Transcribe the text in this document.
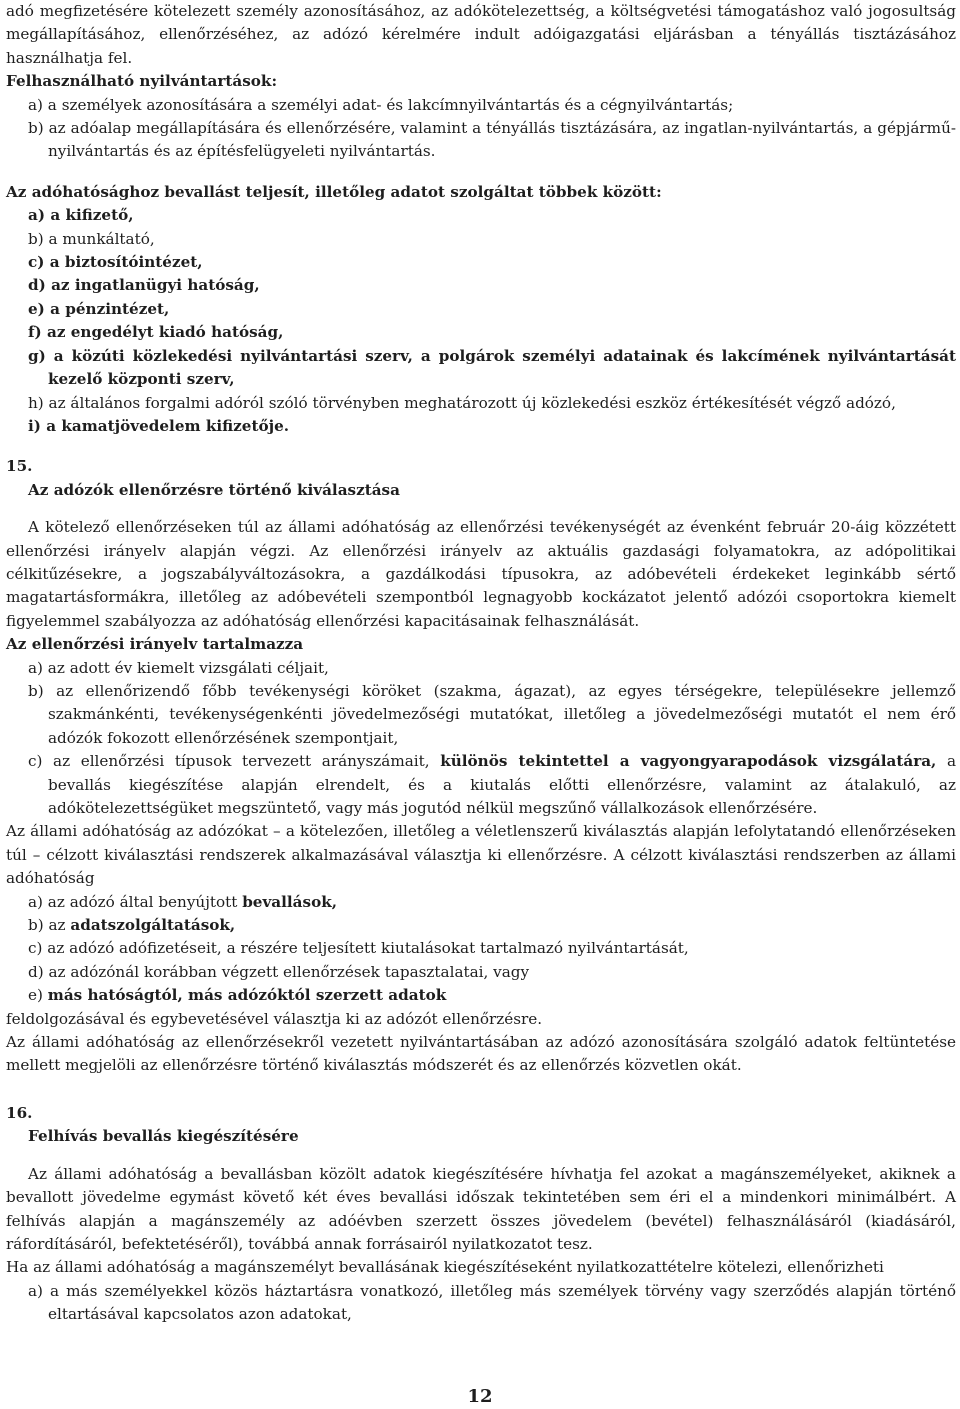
adó megfizetésére kötelezett személy azonosításához, az adókötelezettség, a költségvetési támogatáshoz való jogosultság megállapításához, ellenőrzéséhez, az adózó kérelmére indult adóigazgatási eljárásban a tényállás tisztázásához használhatja fel.

Felhasználható nyilvántartások:

a) a személyek azonosítására a személyi adat- és lakcímnyilvántartás és a cégnyilvántartás;

b) az adóalap megállapítására és ellenőrzésére, valamint a tényállás tisztázására, az ingatlan-nyilvántartás, a gépjármű-nyilvántartás és az építésfelügyeleti nyilvántartás.

Az adóhatósághoz bevallást teljesít, illetőleg adatot szolgáltat többek között:

a) a kifizető,

b) a munkáltató,

c) a biztosítóintézet,

d) az ingatlanügyi hatóság,

e) a pénzintézet,

f) az engedélyt kiadó hatóság,

g) a közúti közlekedési nyilvántartási szerv, a polgárok személyi adatainak és lakcímének nyilvántartását kezelő központi szerv,

h) az általános forgalmi adóról szóló törvényben meghatározott új közlekedési eszköz értékesítését végző adózó,

i) a kamatjövedelem kifizetője.

15.

Az adózók ellenőrzésre történő kiválasztása

A kötelező ellenőrzéseken túl az állami adóhatóság az ellenőrzési tevékenységét az évenként február 20-áig közzétett ellenőrzési irányelv alapján végzi. Az ellenőrzési irányelv az aktuális gazdasági folyamatokra, az adópolitikai célkitűzésekre, a jogszabályváltozásokra, a gazdálkodási típusokra, az adóbevételi érdekeket leginkább sértő magatartásformákra, illetőleg az adóbevételi szempontból legnagyobb kockázatot jelentő adózói csoportokra kiemelt figyelemmel szabályozza az adóhatóság ellenőrzési kapacitásainak felhasználását.

Az ellenőrzési irányelv tartalmazza

a) az adott év kiemelt vizsgálati céljait,

b) az ellenőrizendő főbb tevékenységi köröket (szakma, ágazat), az egyes térségekre, településekre jellemző szakmánkénti, tevékenységenkénti jövedelmezőségi mutatókat, illetőleg a jövedelmezőségi mutatót el nem érő adózók fokozott ellenőrzésének szempontjait,

c) az ellenőrzési típusok tervezett arányszámait, különös tekintettel a vagyongyarapodások vizsgálatára, a bevallás kiegészítése alapján elrendelt, és a kiutalás előtti ellenőrzésre, valamint az átalakuló, az adókötelezettségüket megszüntető, vagy más jogutód nélkül megszűnő vállalkozások ellenőrzésére.

Az állami adóhatóság az adózókat – a kötelezően, illetőleg a véletlenszerű kiválasztás alapján lefolytatandó ellenőrzéseken túl – célzott kiválasztási rendszerek alkalmazásával választja ki ellenőrzésre. A célzott kiválasztási rendszerben az állami adóhatóság

a) az adózó által benyújtott bevallások,

b) az adatszolgáltatások,

c) az adózó adófizetéseit, a részére teljesített kiutalásokat tartalmazó nyilvántartását,

d) az adózónál korábban végzett ellenőrzések tapasztalatai, vagy

e) más hatóságtól, más adózóktól szerzett adatok

feldolgozásával és egybevetésével választja ki az adózót ellenőrzésre.

Az állami adóhatóság az ellenőrzésekről vezetett nyilvántartásában az adózó azonosítására szolgáló adatok feltüntetése mellett megjelöli az ellenőrzésre történő kiválasztás módszerét és az ellenőrzés közvetlen okát.

16.

Felhívás bevallás kiegészítésére

Az állami adóhatóság a bevallásban közölt adatok kiegészítésére hívhatja fel azokat a magánszemélyeket, akiknek a bevallott jövedelme egymást követő két éves bevallási időszak tekintetében sem éri el a mindenkori minimálbért. A felhívás alapján a magánszemély az adóévben szerzett összes jövedelem (bevétel) felhasználásáról (kiadásáról, ráfordításáról, befektetéséről), továbbá annak forrásairól nyilatkozatot tesz.

Ha az állami adóhatóság a magánszemélyt bevallásának kiegészítéseként nyilatkozattételre kötelezi, ellenőrizheti

a) a más személyekkel közös háztartásra vonatkozó, illetőleg más személyek törvény vagy szerződés alapján történő eltartásával kapcsolatos azon adatokat,

12
